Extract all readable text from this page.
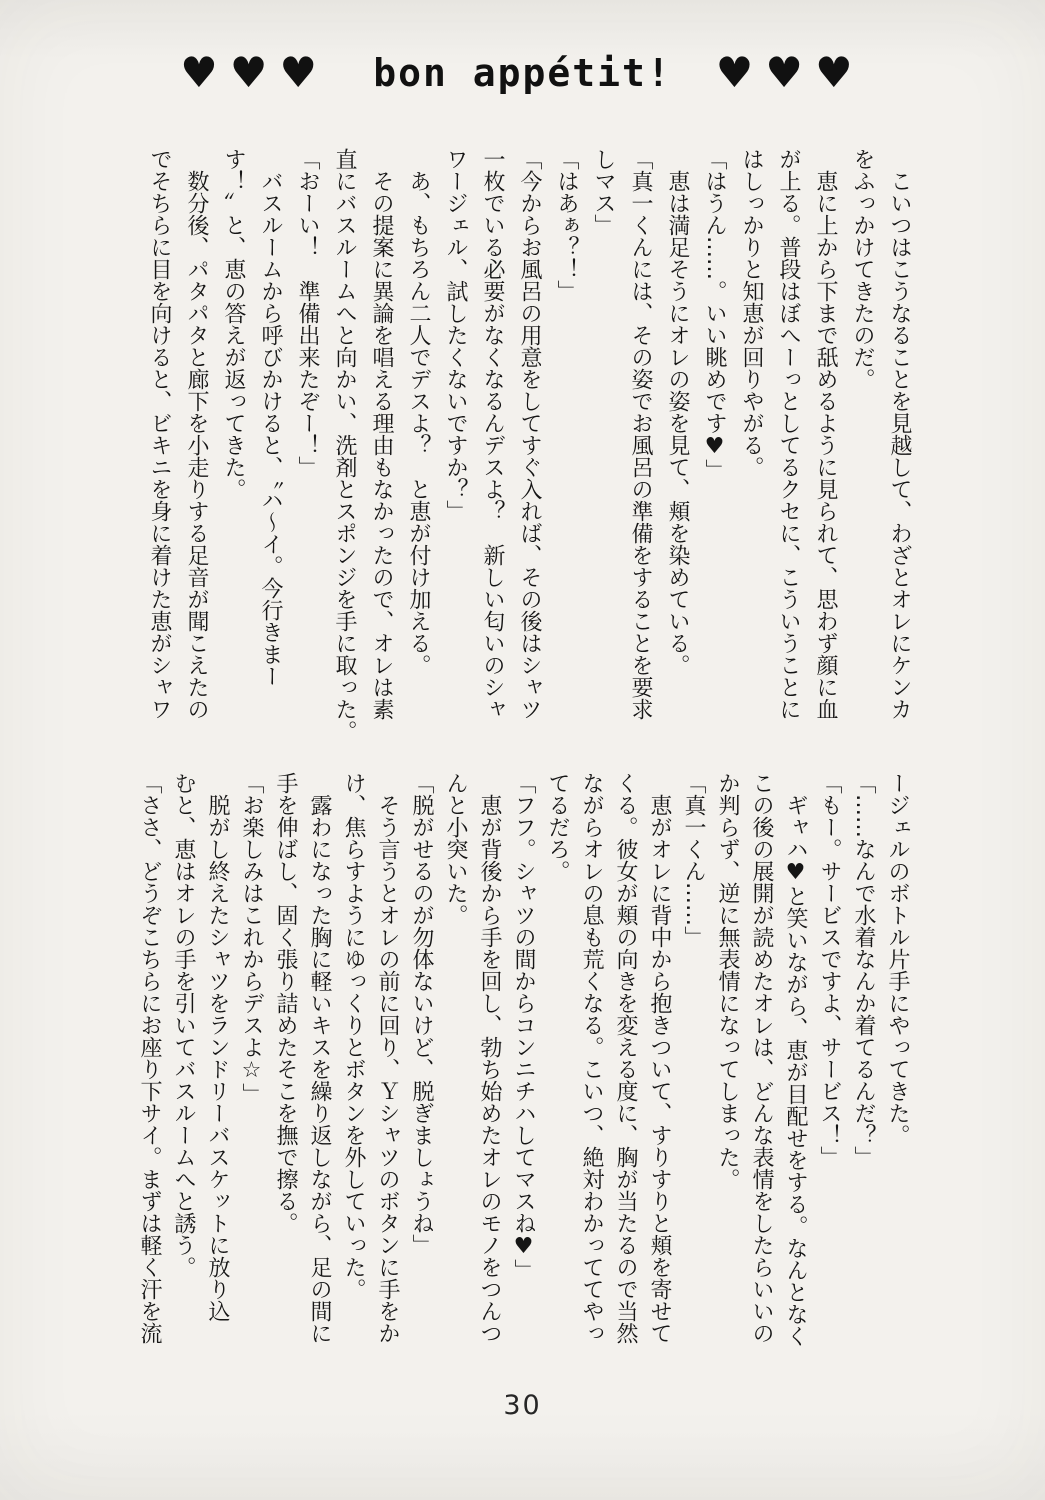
♥♥♥ bon appétit! ♥♥♥

こいつはこうなることを見越して、わざとオレにケンカ

をふっかけてきたのだ。

恵に上から下まで舐めるように見られて、思わず顔に血

が上る。普段はぼへーっとしてるクセに、こういうことに

はしっかりと知恵が回りやがる。

「はうん……。いい眺めです♥」

恵は満足そうにオレの姿を見て、頬を染めている。

「真一くんには、その姿でお風呂の準備をすることを要求

しマス」

「はあぁ？！」

「今からお風呂の用意をしてすぐ入れば、その後はシャツ

一枚でいる必要がなくなるんデスよ？　新しい匂いのシャ

ワージェル、試したくないですか？」

あ、もちろん二人でデスよ？　と恵が付け加える。

その提案に異論を唱える理由もなかったので、オレは素

直にバスルームへと向かい、洗剤とスポンジを手に取った。

「おーい！　準備出来たぞー！」

バスルームから呼びかけると、〝ハ〜イ。今行きまー

す！〟と、恵の答えが返ってきた。

数分後、パタパタと廊下を小走りする足音が聞こえたの

でそちらに目を向けると、ビキニを身に着けた恵がシャワ

ージェルのボトル片手にやってきた。

「……なんで水着なんか着てるんだ？」

「もー。サービスですよ、サービス！」

ギャハ♥と笑いながら、恵が目配せをする。なんとなく

この後の展開が読めたオレは、どんな表情をしたらいいの

か判らず、逆に無表情になってしまった。

「真一くん……」

恵がオレに背中から抱きついて、すりすりと頬を寄せて

くる。彼女が頬の向きを変える度に、胸が当たるので当然

ながらオレの息も荒くなる。こいつ、絶対わかっててやっ

てるだろ。

「フフ。シャツの間からコンニチハしてマスね♥」

恵が背後から手を回し、勃ち始めたオレのモノをつんつ

んと小突いた。

「脱がせるのが勿体ないけど、脱ぎましょうね」

そう言うとオレの前に回り、Ｙシャツのボタンに手をか

け、焦らすようにゆっくりとボタンを外していった。

露わになった胸に軽いキスを繰り返しながら、足の間に

手を伸ばし、固く張り詰めたそこを撫で擦る。

「お楽しみはこれからデスよ☆」

脱がし終えたシャツをランドリーバスケットに放り込

むと、恵はオレの手を引いてバスルームへと誘う。

「ささ、どうぞこちらにお座り下サイ。まずは軽く汗を流

30
